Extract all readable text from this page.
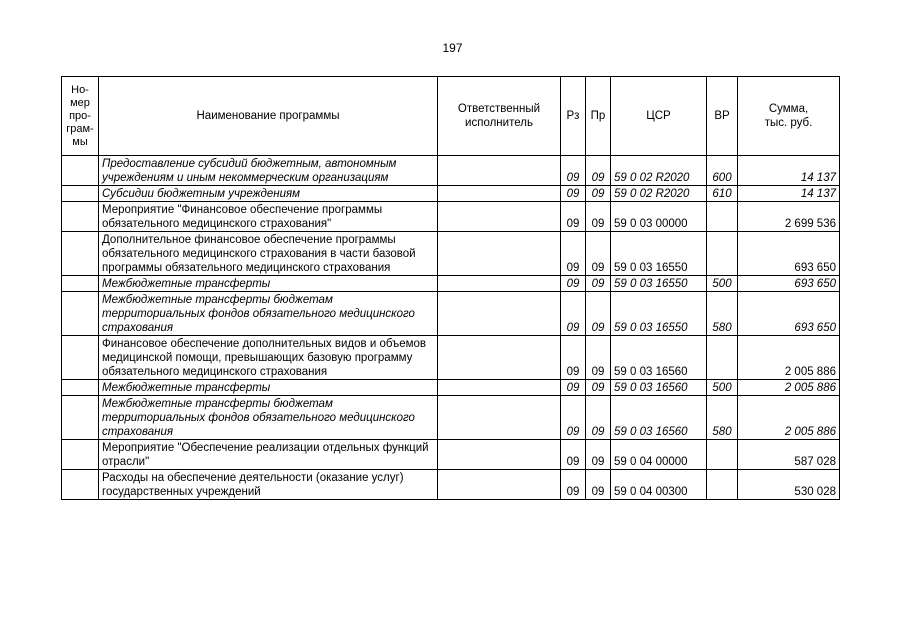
197
Но-
мер
про-
грам-
мы	Наименование программы	Ответственный исполнитель	Рз	Пр	ЦСР	ВР	Сумма,
тыс. руб.
	Предоставление субсидий бюджетным, автономным учреждениям и иным некоммерческим организациям		09	09	59 0 02 R2020	600	14 137
	Субсидии бюджетным учреждениям		09	09	59 0 02 R2020	610	14 137
	Мероприятие "Финансовое обеспечение программы обязательного медицинского страхования"		09	09	59 0 03 00000		2 699 536
	Дополнительное финансовое обеспечение программы обязательного медицинского страхования в части базовой программы обязательного медицинского страхования		09	09	59 0 03 16550		693 650
	Межбюджетные трансферты		09	09	59 0 03 16550	500	693 650
	Межбюджетные трансферты бюджетам территориальных фондов обязательного медицинского страхования		09	09	59 0 03 16550	580	693 650
	Финансовое обеспечение дополнительных видов и объемов медицинской помощи, превышающих базовую программу обязательного медицинского страхования		09	09	59 0 03 16560		2 005 886
	Межбюджетные трансферты		09	09	59 0 03 16560	500	2 005 886
	Межбюджетные трансферты бюджетам территориальных фондов обязательного медицинского страхования		09	09	59 0 03 16560	580	2 005 886
	Мероприятие "Обеспечение реализации отдельных функций отрасли"		09	09	59 0 04 00000		587 028
	Расходы на обеспечение деятельности (оказание услуг) государственных учреждений		09	09	59 0 04 00300		530 028
